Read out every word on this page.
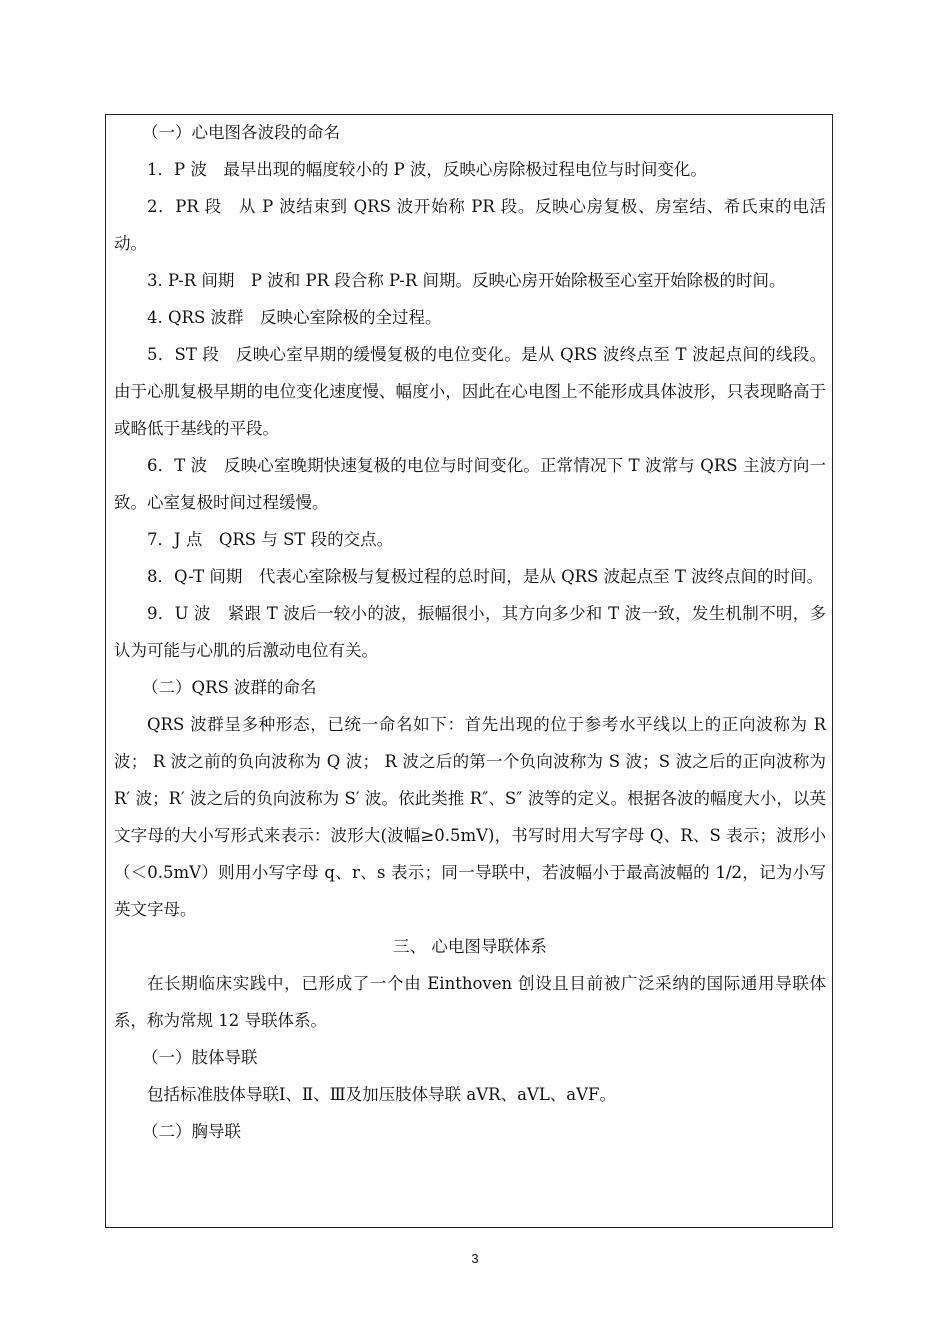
（一）心电图各波段的命名

1．P 波　最早出现的幅度较小的 P 波，反映心房除极过程电位与时间变化。

2．PR 段　从 P 波结束到 QRS 波开始称 PR 段。反映心房复极、房室结、希氏束的电活动。

3. P-R 间期　P 波和 PR 段合称 P-R 间期。反映心房开始除极至心室开始除极的时间。

4. QRS 波群　反映心室除极的全过程。

5．ST 段　反映心室早期的缓慢复极的电位变化。是从 QRS 波终点至 T 波起点间的线段。由于心肌复极早期的电位变化速度慢、幅度小，因此在心电图上不能形成具体波形，只表现略高于或略低于基线的平段。

6．T 波　反映心室晚期快速复极的电位与时间变化。正常情况下 T 波常与 QRS 主波方向一致。心室复极时间过程缓慢。

7．J 点　QRS 与 ST 段的交点。

8．Q-T 间期　代表心室除极与复极过程的总时间，是从 QRS 波起点至 T 波终点间的时间。

9．U 波　紧跟 T 波后一较小的波，振幅很小，其方向多少和 T 波一致，发生机制不明，多认为可能与心肌的后激动电位有关。

（二）QRS 波群的命名

QRS 波群呈多种形态，已统一命名如下：首先出现的位于参考水平线以上的正向波称为 R 波； R 波之前的负向波称为 Q 波； R 波之后的第一个负向波称为 S 波；S 波之后的正向波称为 R′ 波；R′ 波之后的负向波称为 S′ 波。依此类推 R″、S″ 波等的定义。根据各波的幅度大小，以英文字母的大小写形式来表示：波形大(波幅≥0.5mV)，书写时用大写字母 Q、R、S 表示；波形小（＜0.5mV）则用小写字母 q、r、s 表示；同一导联中，若波幅小于最高波幅的 1/2，记为小写英文字母。

三、 心电图导联体系

在长期临床实践中，已形成了一个由 Einthoven 创设且目前被广泛采纳的国际通用导联体系，称为常规 12 导联体系。

（一）肢体导联

包括标准肢体导联Ⅰ、Ⅱ、Ⅲ及加压肢体导联 aVR、aVL、aVF。

（二）胸导联

3
